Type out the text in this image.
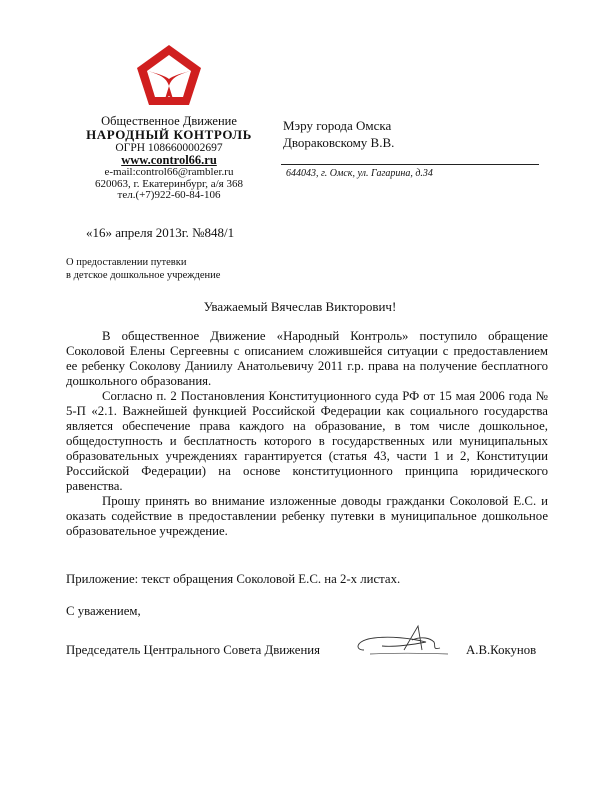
Общественное Движение
НАРОДНЫЙ КОНТРОЛЬ
ОГРН 1086600002697
www.control66.ru
e-mail:control66@rambler.ru
620063, г. Екатеринбург, а/я 368
тел.(+7)922-60-84-106
«16» апреля 2013г. №848/1
Мэру города Омска
Двораковскому В.В.
644043, г. Омск, ул. Гагарина, д.34
О предоставлении путевки
в детское дошкольное учреждение
Уважаемый Вячеслав Викторович!

В общественное Движение «Народный Контроль» поступило обращение Соколовой Елены Сергеевны с описанием сложившейся ситуации с предоставлением ее ребенку Соколову Даниилу Анатольевичу 2011 г.р. права на получение бесплатного дошкольного образования.

Согласно п. 2 Постановления Конституционного суда РФ от 15 мая 2006 года № 5-П «2.1. Важнейшей функцией Российской Федерации как социального государства является обеспечение права каждого на образование, в том числе дошкольное, общедоступность и бесплатность которого в государственных или муниципальных образовательных учреждениях гарантируется (статья 43, части 1 и 2, Конституции Российской Федерации) на основе конституционного принципа юридического равенства.

Прошу принять во внимание изложенные доводы гражданки Соколовой Е.С. и оказать содействие в предоставлении ребенку путевки в муниципальное дошкольное образовательное учреждение.

Приложение: текст обращения Соколовой Е.С. на 2-х листах.
С уважением,
Председатель Центрального Совета Движения	А.В.Кокунов
